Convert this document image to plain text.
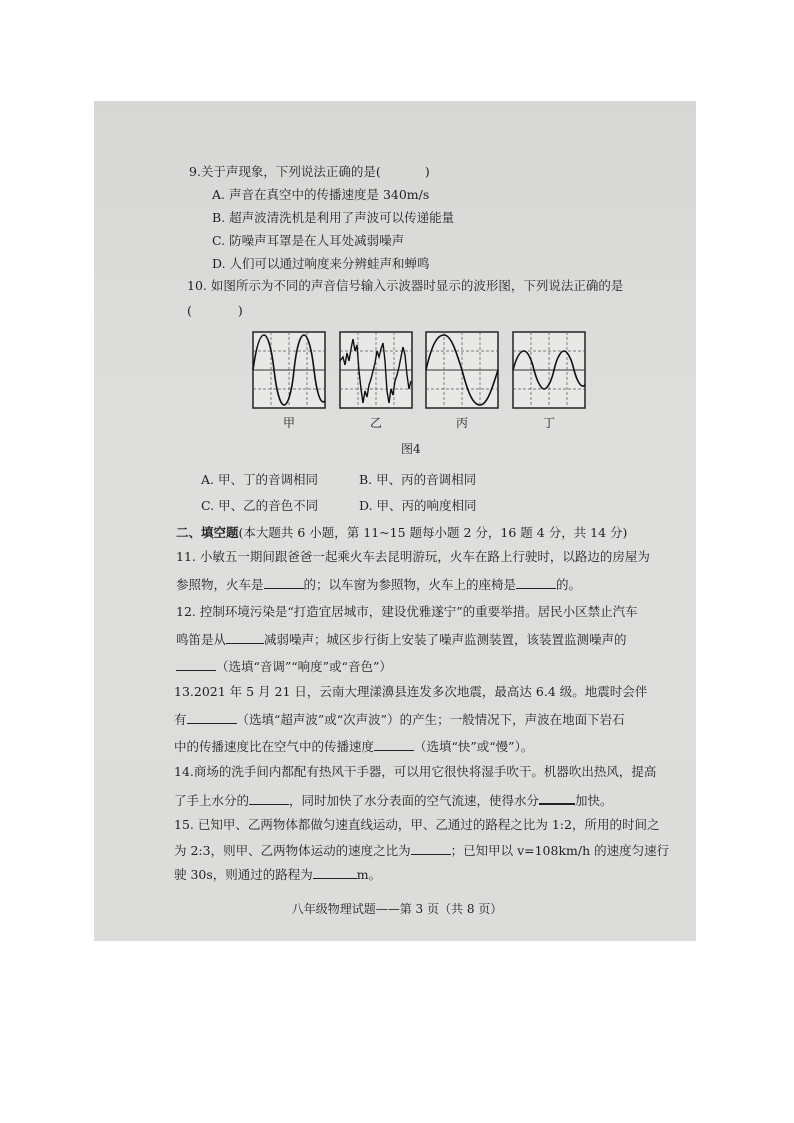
9.关于声现象，下列说法正确的是(	)
A. 声音在真空中的传播速度是 340m/s
B. 超声波清洗机是利用了声波可以传递能量
C. 防噪声耳罩是在人耳处减弱噪声
D. 人们可以通过响度来分辨蛙声和蝉鸣
10. 如图所示为不同的声音信号输入示波器时显示的波形图，下列说法正确的是
(	)
甲	乙	丙	丁
图4
A. 甲、丁的音调相同	B. 甲、丙的音调相同
C. 甲、乙的音色不同	D. 甲、丙的响度相同
二、填空题(本大题共 6 小题，第 11~15 题每小题 2 分，16 题 4 分，共 14 分)
11. 小敏五一期间跟爸爸一起乘火车去昆明游玩，火车在路上行驶时，以路边的房屋为
参照物，火车是	的；以车窗为参照物，火车上的座椅是	的。
12. 控制环境污染是“打造宜居城市，建设优雅遂宁”的重要举措。居民小区禁止汽车
鸣笛是从	减弱噪声；城区步行街上安装了噪声监测装置，该装置监测噪声的
（选填“音调”“响度”或“音色”）
13.2021 年 5 月 21 日，云南大理漾濞县连发多次地震，最高达 6.4 级。地震时会伴
有	（选填“超声波”或“次声波”）的产生；一般情况下，声波在地面下岩石
中的传播速度比在空气中的传播速度	（选填“快”或“慢”）。
14.商场的洗手间内都配有热风干手器，可以用它很快将湿手吹干。机器吹出热风，提高
了手上水分的	，同时加快了水分表面的空气流速，使得水分	加快。
15. 已知甲、乙两物体都做匀速直线运动，甲、乙通过的路程之比为 1:2，所用的时间之
为 2:3，则甲、乙两物体运动的速度之比为	；已知甲以 v=108km/h 的速度匀速行
驶 30s，则通过的路程为	m。
八年级物理试题——第 3 页（共 8 页）
